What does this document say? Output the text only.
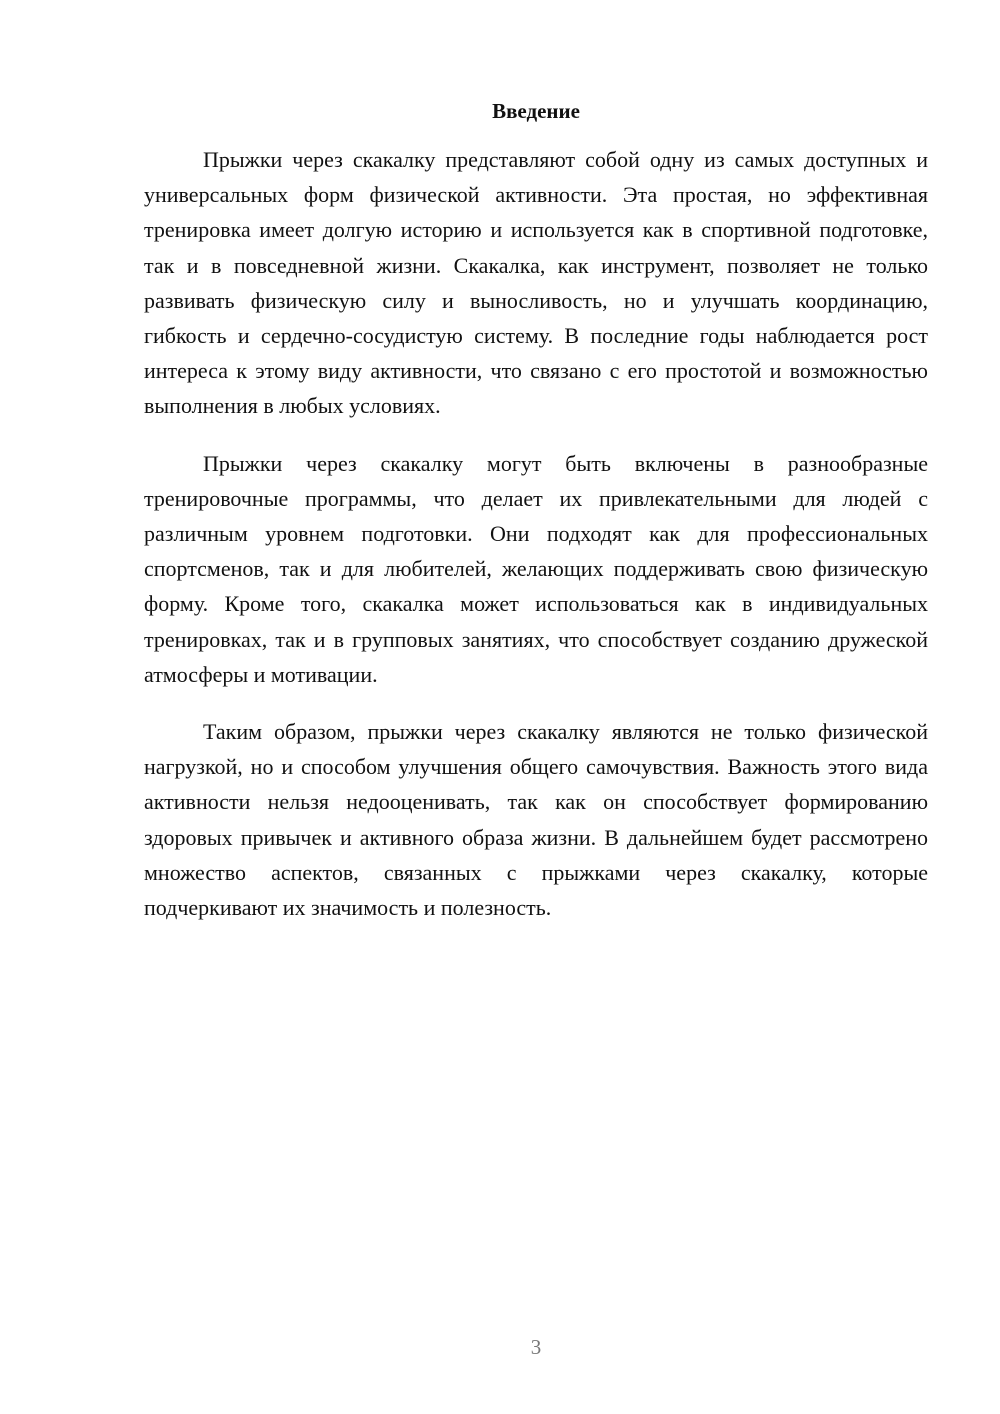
Введение

Прыжки через скакалку представляют собой одну из самых доступных и универсальных форм физической активности. Эта простая, но эффективная тренировка имеет долгую историю и используется как в спортивной подготовке, так и в повседневной жизни. Скакалка, как инструмент, позволяет не только развивать физическую силу и выносливость, но и улучшать координацию, гибкость и сердечно-сосудистую систему. В последние годы наблюдается рост интереса к этому виду активности, что связано с его простотой и возможностью выполнения в любых условиях.

Прыжки через скакалку могут быть включены в разнообразные тренировочные программы, что делает их привлекательными для людей с различным уровнем подготовки. Они подходят как для профессиональных спортсменов, так и для любителей, желающих поддерживать свою физическую форму. Кроме того, скакалка может использоваться как в индивидуальных тренировках, так и в групповых занятиях, что способствует созданию дружеской атмосферы и мотивации.

Таким образом, прыжки через скакалку являются не только физической нагрузкой, но и способом улучшения общего самочувствия. Важность этого вида активности нельзя недооценивать, так как он способствует формированию здоровых привычек и активного образа жизни. В дальнейшем будет рассмотрено множество аспектов, связанных с прыжками через скакалку, которые подчеркивают их значимость и полезность.

3
